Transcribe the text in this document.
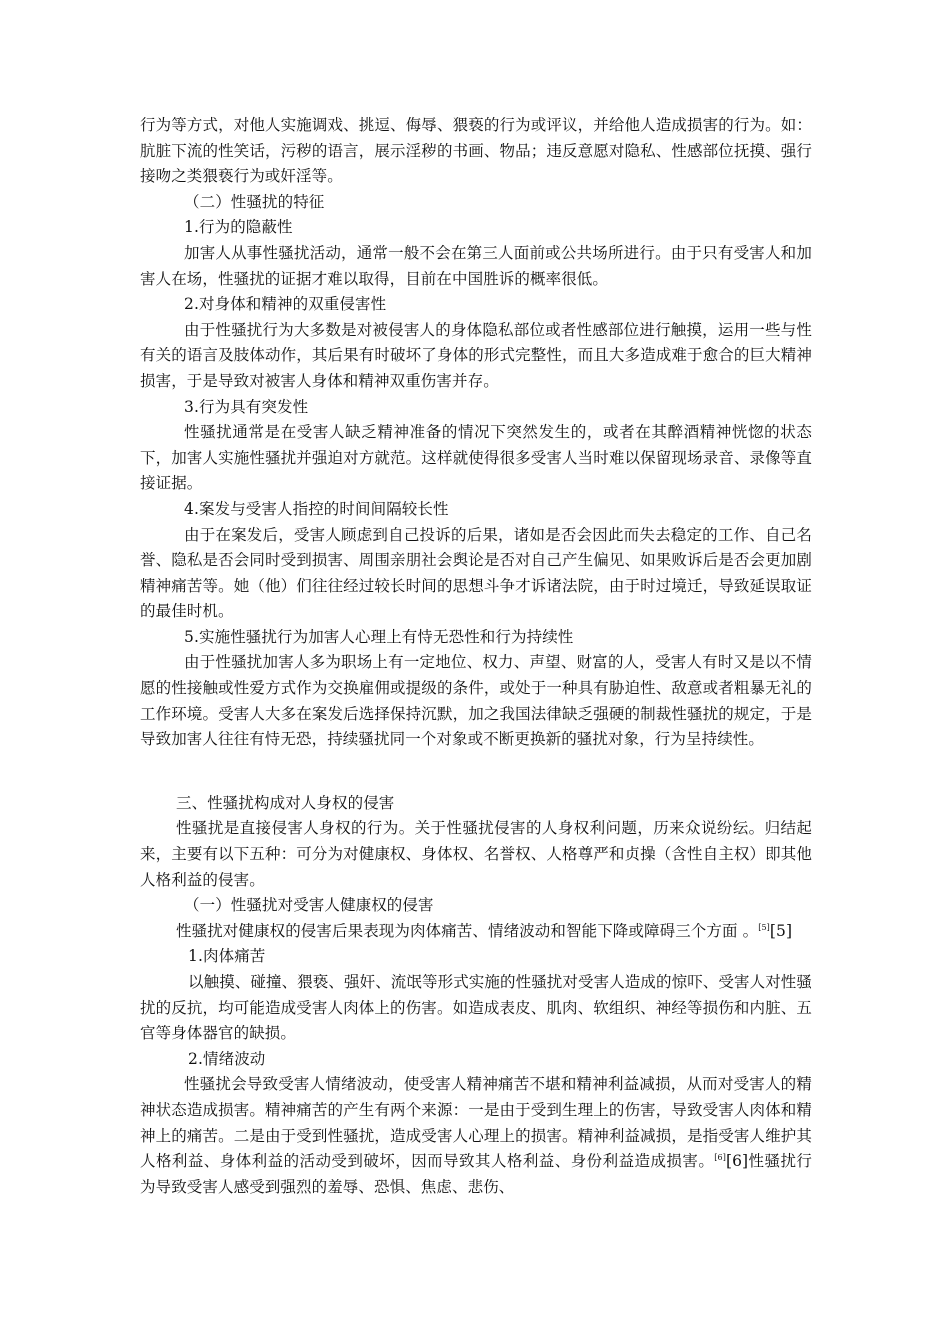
行为等方式，对他人实施调戏、挑逗、侮辱、猥亵的行为或评议，并给他人造成损害的行为。如：肮脏下流的性笑话，污秽的语言，展示淫秽的书画、物品；违反意愿对隐私、性感部位抚摸、强行接吻之类猥亵行为或奸淫等。

（二）性骚扰的特征

1.行为的隐蔽性

加害人从事性骚扰活动，通常一般不会在第三人面前或公共场所进行。由于只有受害人和加害人在场，性骚扰的证据才难以取得，目前在中国胜诉的概率很低。

2.对身体和精神的双重侵害性

由于性骚扰行为大多数是对被侵害人的身体隐私部位或者性感部位进行触摸，运用一些与性有关的语言及肢体动作，其后果有时破坏了身体的形式完整性，而且大多造成难于愈合的巨大精神损害，于是导致对被害人身体和精神双重伤害并存。

3.行为具有突发性

性骚扰通常是在受害人缺乏精神准备的情况下突然发生的，或者在其醉酒精神恍惚的状态下，加害人实施性骚扰并强迫对方就范。这样就使得很多受害人当时难以保留现场录音、录像等直接证据。

4.案发与受害人指控的时间间隔较长性

由于在案发后，受害人顾虑到自己投诉的后果，诸如是否会因此而失去稳定的工作、自己名誉、隐私是否会同时受到损害、周围亲朋社会舆论是否对自己产生偏见、如果败诉后是否会更加剧精神痛苦等。她（他）们往往经过较长时间的思想斗争才诉诸法院，由于时过境迁，导致延误取证的最佳时机。

5.实施性骚扰行为加害人心理上有恃无恐性和行为持续性

由于性骚扰加害人多为职场上有一定地位、权力、声望、财富的人，受害人有时又是以不情愿的性接触或性爱方式作为交换雇佣或提级的条件，或处于一种具有胁迫性、敌意或者粗暴无礼的工作环境。受害人大多在案发后选择保持沉默，加之我国法律缺乏强硬的制裁性骚扰的规定，于是导致加害人往往有恃无恐，持续骚扰同一个对象或不断更换新的骚扰对象，行为呈持续性。

三、性骚扰构成对人身权的侵害

性骚扰是直接侵害人身权的行为。关于性骚扰侵害的人身权利问题，历来众说纷纭。归结起来，主要有以下五种：可分为对健康权、身体权、名誉权、人格尊严和贞操（含性自主权）即其他人格利益的侵害。

（一）性骚扰对受害人健康权的侵害

性骚扰对健康权的侵害后果表现为肉体痛苦、情绪波动和智能下降或障碍三个方面 。[5][5]

1.肉体痛苦

以触摸、碰撞、猥亵、强奸、流氓等形式实施的性骚扰对受害人造成的惊吓、受害人对性骚扰的反抗，均可能造成受害人肉体上的伤害。如造成表皮、肌肉、软组织、神经等损伤和内脏、五官等身体器官的缺损。

2.情绪波动

性骚扰会导致受害人情绪波动，使受害人精神痛苦不堪和精神利益减损，从而对受害人的精神状态造成损害。精神痛苦的产生有两个来源：一是由于受到生理上的伤害，导致受害人肉体和精神上的痛苦。二是由于受到性骚扰，造成受害人心理上的损害。精神利益减损，是指受害人维护其人格利益、身体利益的活动受到破坏，因而导致其人格利益、身份利益造成损害。[6][6]性骚扰行为导致受害人感受到强烈的羞辱、恐惧、焦虑、悲伤、
